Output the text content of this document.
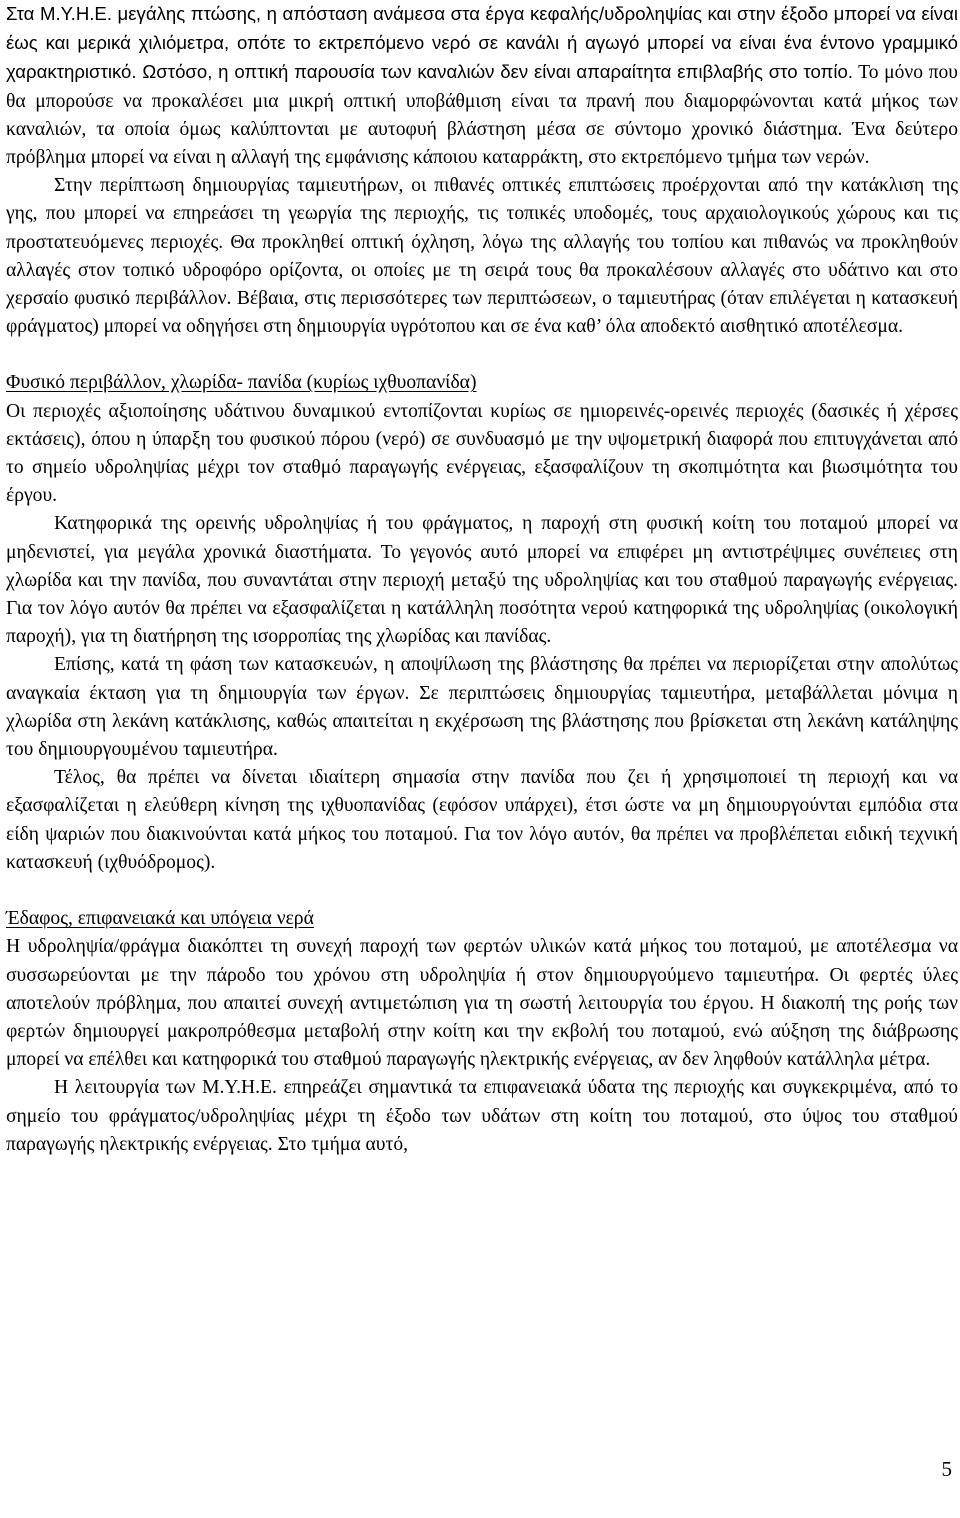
Στα Μ.Υ.Η.Ε. μεγάλης πτώσης, η απόσταση ανάμεσα στα έργα κεφαλής/υδροληψίας και στην έξοδο μπορεί να είναι έως και μερικά χιλιόμετρα, οπότε το εκτρεπόμενο νερό σε κανάλι ή αγωγό μπορεί να είναι ένα έντονο γραμμικό χαρακτηριστικό. Ωστόσο, η οπτική παρουσία των καναλιών δεν είναι απαραίτητα επιβλαβής στο τοπίο. Το μόνο που θα μπορούσε να προκαλέσει μια μικρή οπτική υποβάθμιση είναι τα πρανή που διαμορφώνονται κατά μήκος των καναλιών, τα οποία όμως καλύπτονται με αυτοφυή βλάστηση μέσα σε σύντομο χρονικό διάστημα. Ένα δεύτερο πρόβλημα μπορεί να είναι η αλλαγή της εμφάνισης κάποιου καταρράκτη, στο εκτρεπόμενο τμήμα των νερών.

Στην περίπτωση δημιουργίας ταμιευτήρων, οι πιθανές οπτικές επιπτώσεις προέρχονται από την κατάκλιση της γης, που μπορεί να επηρεάσει τη γεωργία της περιοχής, τις τοπικές υποδομές, τους αρχαιολογικούς χώρους και τις προστατευόμενες περιοχές. Θα προκληθεί οπτική όχληση, λόγω της αλλαγής του τοπίου και πιθανώς να προκληθούν αλλαγές στον τοπικό υδροφόρο ορίζοντα, οι οποίες με τη σειρά τους θα προκαλέσουν αλλαγές στο υδάτινο και στο χερσαίο φυσικό περιβάλλον. Βέβαια, στις περισσότερες των περιπτώσεων, ο ταμιευτήρας (όταν επιλέγεται η κατασκευή φράγματος) μπορεί να οδηγήσει στη δημιουργία υγρότοπου και σε ένα καθ’ όλα αποδεκτό αισθητικό αποτέλεσμα.

Φυσικό περιβάλλον, χλωρίδα- πανίδα (κυρίως ιχθυοπανίδα)

Οι περιοχές αξιοποίησης υδάτινου δυναμικού εντοπίζονται κυρίως σε ημιορεινές-ορεινές περιοχές (δασικές ή χέρσες εκτάσεις), όπου η ύπαρξη του φυσικού πόρου (νερό) σε συνδυασμό με την υψομετρική διαφορά που επιτυγχάνεται από το σημείο υδροληψίας μέχρι τον σταθμό παραγωγής ενέργειας, εξασφαλίζουν τη σκοπιμότητα και βιωσιμότητα του έργου.

Κατηφορικά της ορεινής υδροληψίας ή του φράγματος, η παροχή στη φυσική κοίτη του ποταμού μπορεί να μηδενιστεί, για μεγάλα χρονικά διαστήματα. Το γεγονός αυτό μπορεί να επιφέρει μη αντιστρέψιμες συνέπειες στη χλωρίδα και την πανίδα, που συναντάται στην περιοχή μεταξύ της υδροληψίας και του σταθμού παραγωγής ενέργειας. Για τον λόγο αυτόν θα πρέπει να εξασφαλίζεται η κατάλληλη ποσότητα νερού κατηφορικά της υδροληψίας (οικολογική παροχή), για τη διατήρηση της ισορροπίας της χλωρίδας και πανίδας.

Επίσης, κατά τη φάση των κατασκευών, η αποψίλωση της βλάστησης θα πρέπει να περιορίζεται στην απολύτως αναγκαία έκταση για τη δημιουργία των έργων. Σε περιπτώσεις δημιουργίας ταμιευτήρα, μεταβάλλεται μόνιμα η χλωρίδα στη λεκάνη κατάκλισης, καθώς απαιτείται η εκχέρσωση της βλάστησης που βρίσκεται στη λεκάνη κατάληψης του δημιουργουμένου ταμιευτήρα.

Τέλος, θα πρέπει να δίνεται ιδιαίτερη σημασία στην πανίδα που ζει ή χρησιμοποιεί τη περιοχή και να εξασφαλίζεται η ελεύθερη κίνηση της ιχθυοπανίδας (εφόσον υπάρχει), έτσι ώστε να μη δημιουργούνται εμπόδια στα είδη ψαριών που διακινούνται κατά μήκος του ποταμού. Για τον λόγο αυτόν, θα πρέπει να προβλέπεται ειδική τεχνική κατασκευή (ιχθυόδρομος).

Έδαφος, επιφανειακά και υπόγεια νερά

Η υδροληψία/φράγμα διακόπτει τη συνεχή παροχή των φερτών υλικών κατά μήκος του ποταμού, με αποτέλεσμα να συσσωρεύονται με την πάροδο του χρόνου στη υδροληψία ή στον δημιουργούμενο ταμιευτήρα. Οι φερτές ύλες αποτελούν πρόβλημα, που απαιτεί συνεχή αντιμετώπιση για τη σωστή λειτουργία του έργου. Η διακοπή της ροής των φερτών δημιουργεί μακροπρόθεσμα μεταβολή στην κοίτη και την εκβολή του ποταμού, ενώ αύξηση της διάβρωσης μπορεί να επέλθει και κατηφορικά του σταθμού παραγωγής ηλεκτρικής ενέργειας, αν δεν ληφθούν κατάλληλα μέτρα.

Η λειτουργία των Μ.Υ.Η.Ε. επηρεάζει σημαντικά τα επιφανειακά ύδατα της περιοχής και συγκεκριμένα, από το σημείο του φράγματος/υδροληψίας μέχρι τη έξοδο των υδάτων στη κοίτη του ποταμού, στο ύψος του σταθμού παραγωγής ηλεκτρικής ενέργειας. Στο τμήμα αυτό,

5
